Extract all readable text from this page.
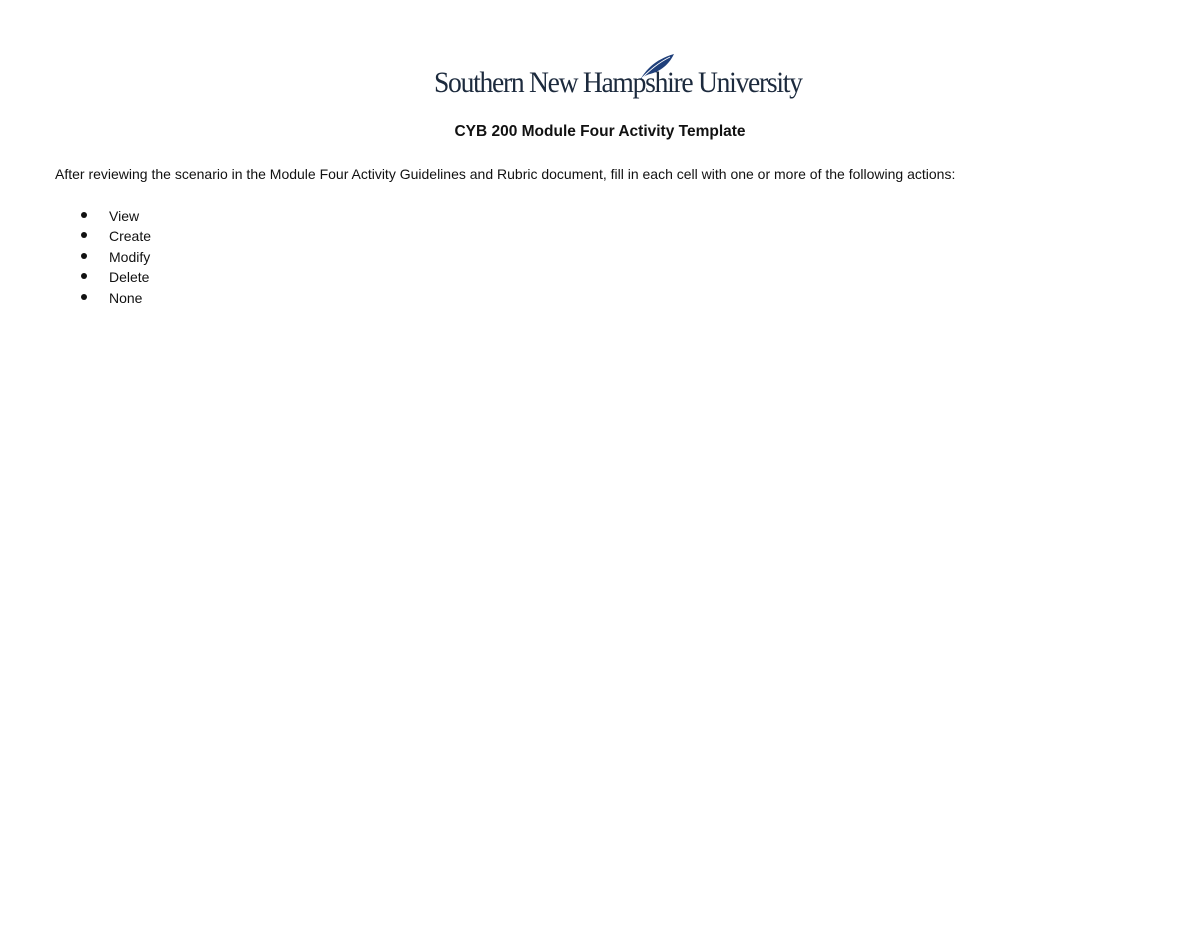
Southern New Hampshire University
CYB 200 Module Four Activity Template
After reviewing the scenario in the Module Four Activity Guidelines and Rubric document, fill in each cell with one or more of the following actions:
View
Create
Modify
Delete
None
